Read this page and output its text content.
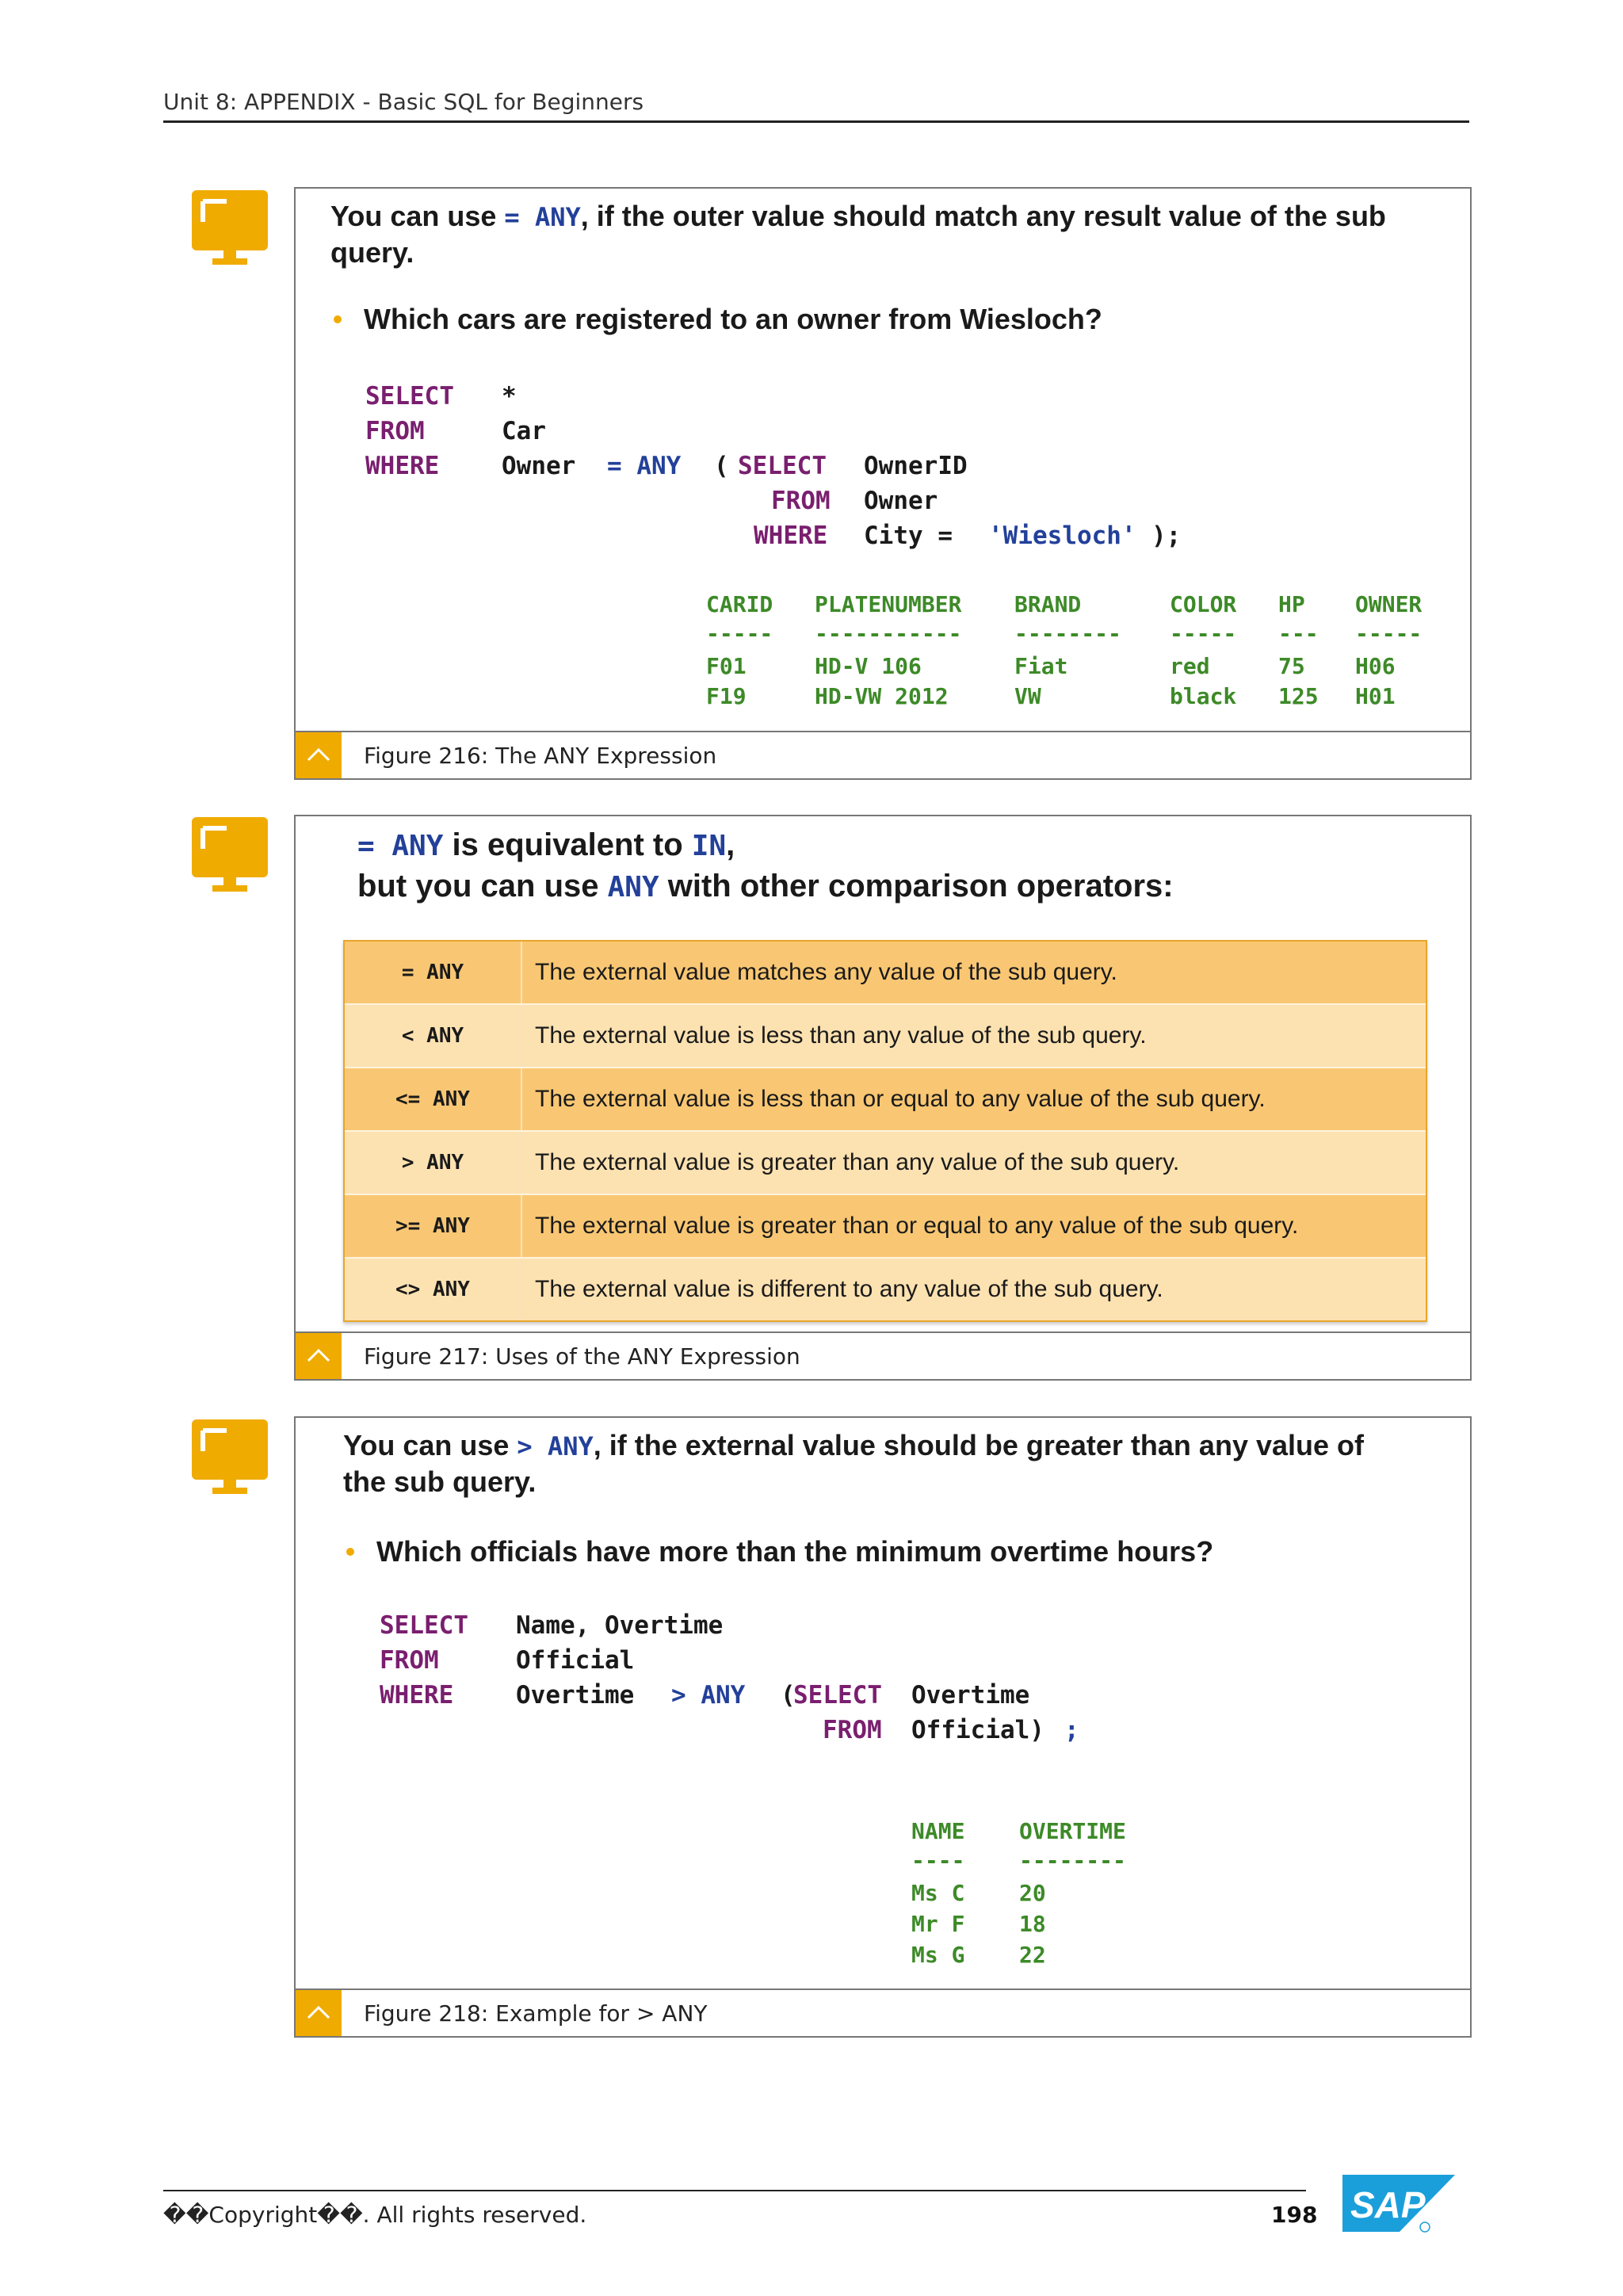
Unit 8: APPENDIX - Basic SQL for Beginners
You can use = ANY, if the outer value should match any result value of the sub
query.
Which cars are registered to an owner from Wiesloch?
SELECT *
FROM	Car
WHERE	Owner = ANY ( SELECT OwnerID
FROM Owner
WHERE City = 'Wiesloch' );
CARID PLATENUMBER BRAND	COLOR HP OWNER
----- ----------- -------- ----- --- -----
F01	HD-V 106	Fiat	red	75 H06
F19	HD-VW 2012	VW	black 125 H01
Figure 216: The ANY Expression
= ANY is equivalent to IN,
but you can use ANY with other comparison operators:
= ANY	The external value matches any value of the sub query.
< ANY	The external value is less than any value of the sub query.
<= ANY	The external value is less than or equal to any value of the sub query.
> ANY	The external value is greater than any value of the sub query.
>= ANY	The external value is greater than or equal to any value of the sub query.
<> ANY	The external value is different to any value of the sub query.
Figure 217: Uses of the ANY Expression
You can use > ANY, if the external value should be greater than any value of
the sub query.
Which officials have more than the minimum overtime hours?
SELECT Name, Overtime
FROM	Official
WHERE	Overtime > ANY (
SELECT Overtime
FROM Official) ;
NAME OVERTIME
---- --------
Ms C 20
Mr F 18
Ms G 22
Figure 218: Example for > ANY
��Copyright��. All rights reserved.	198 SAP
